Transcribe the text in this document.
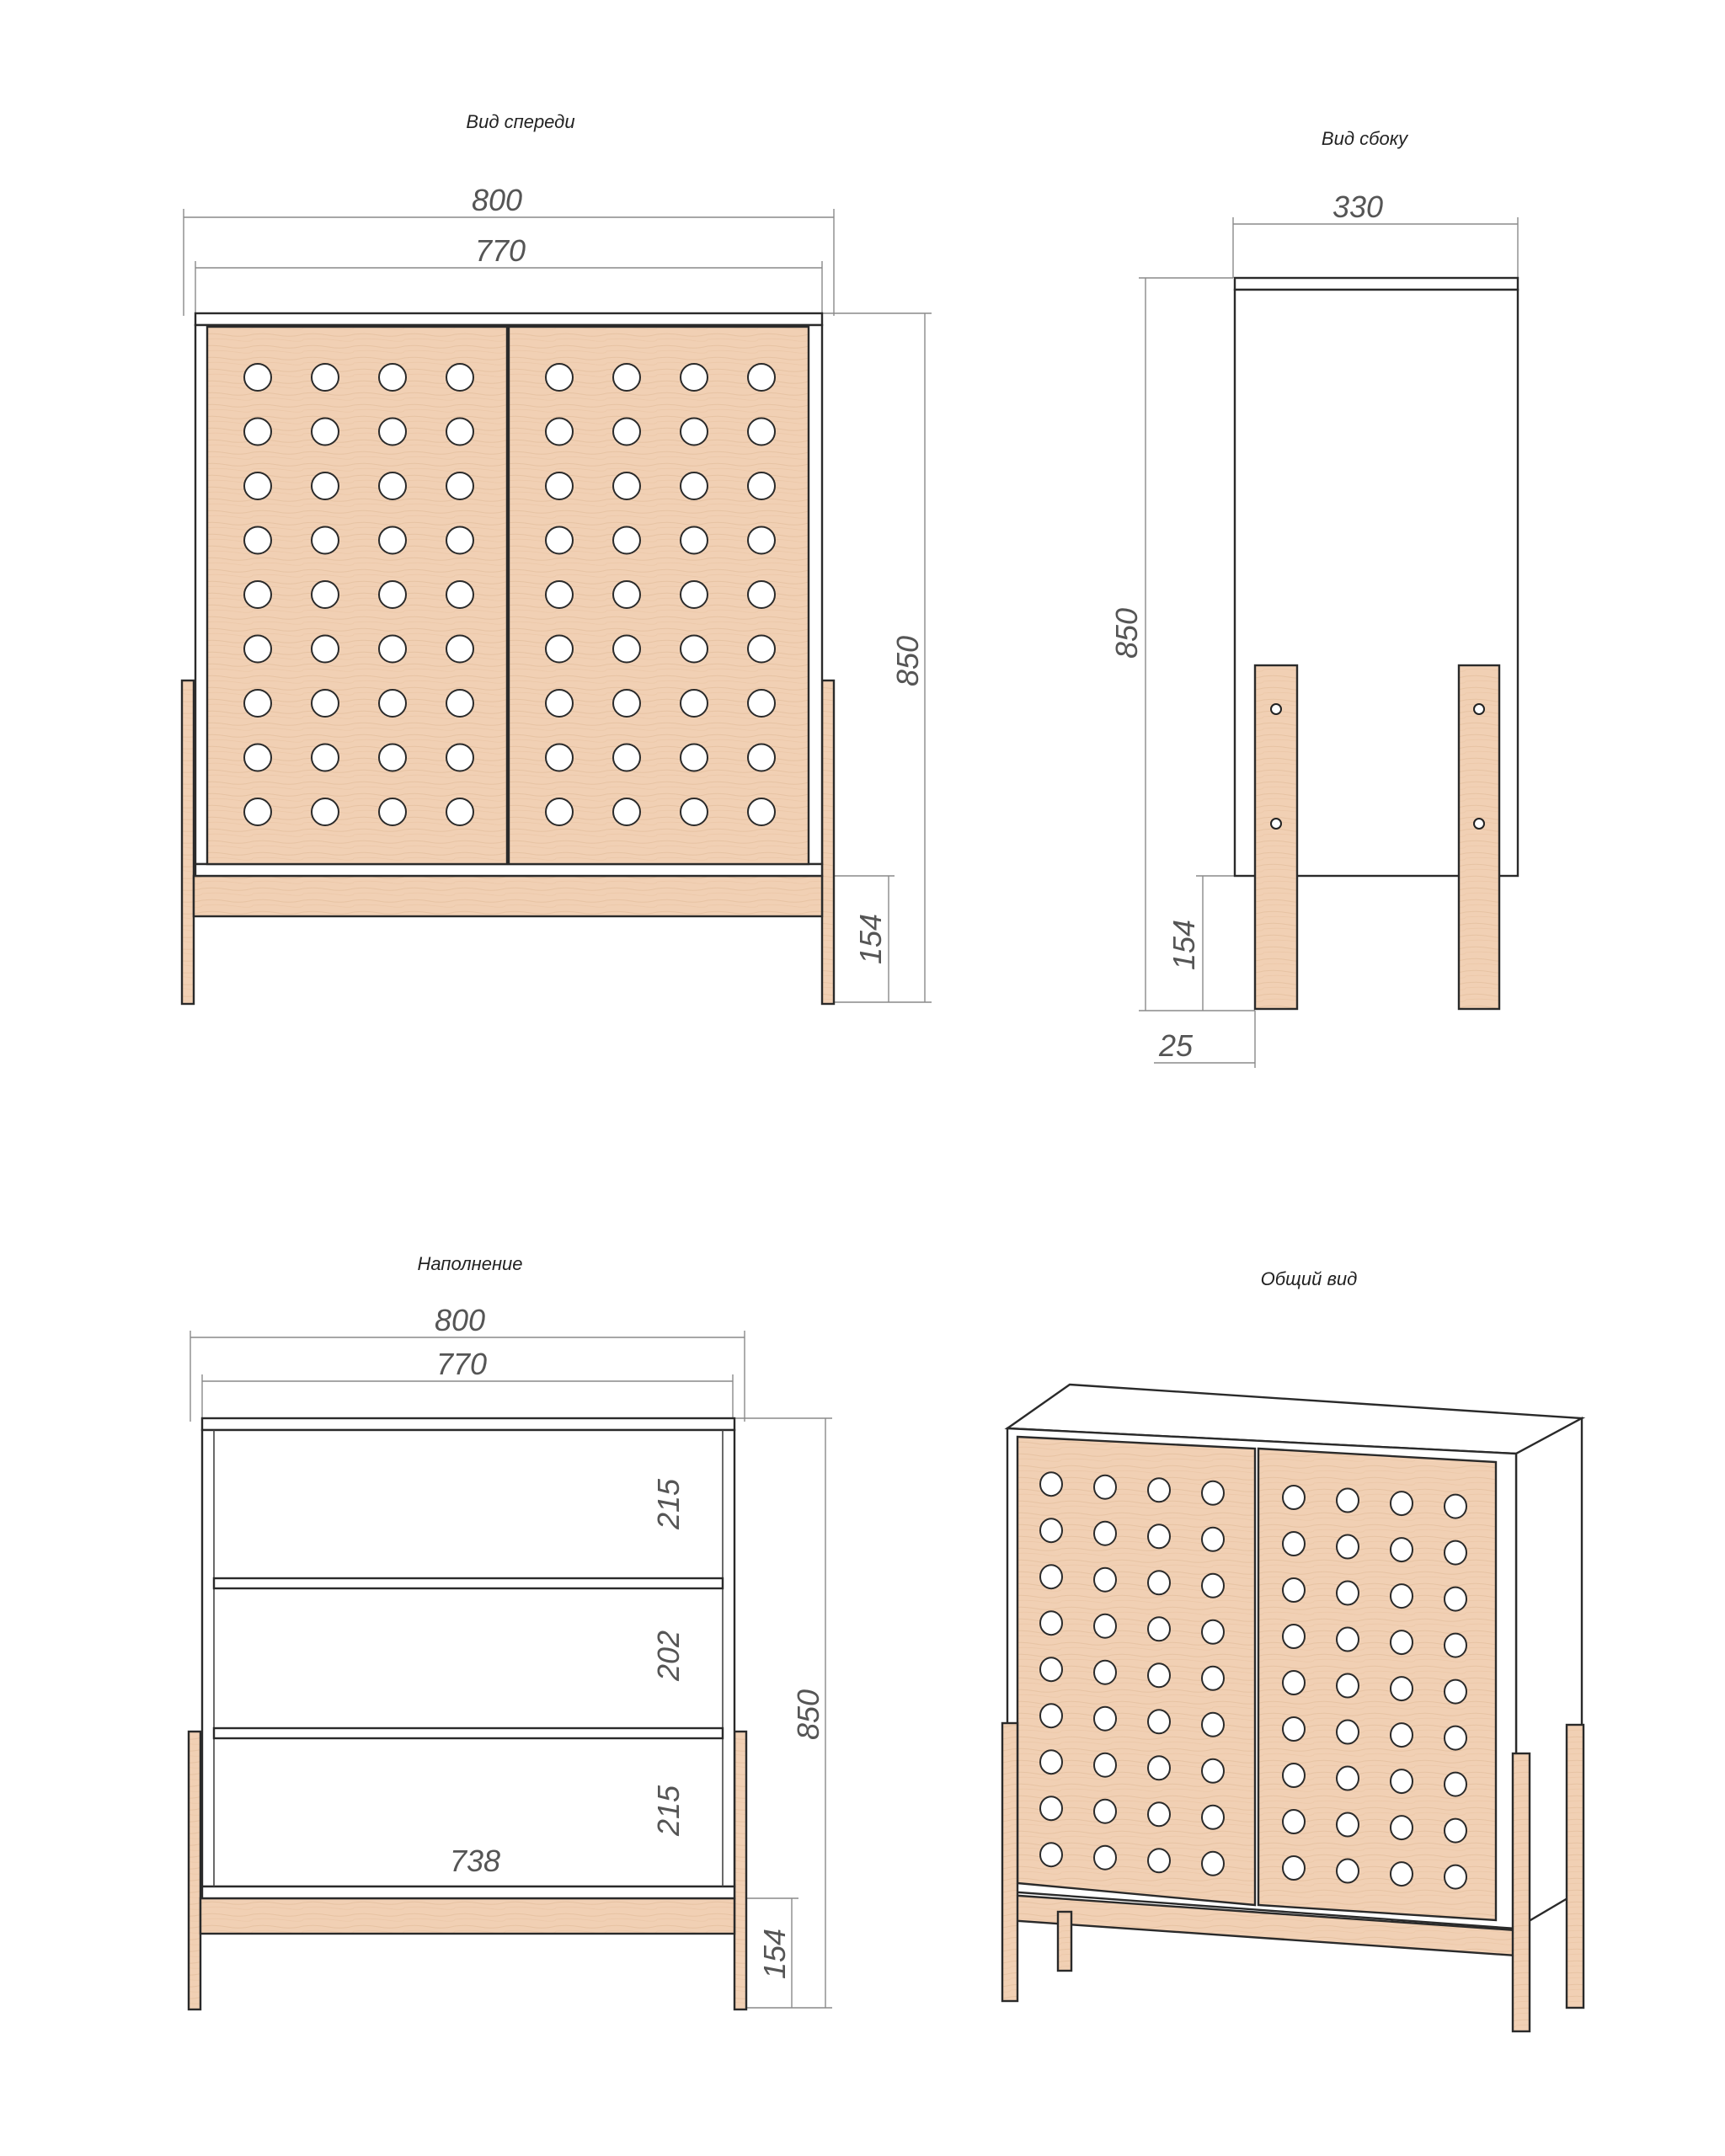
Вид спереди
800
770
850
154
Вид сбоку
330
850
154
25
Наполнение
800
770
850
154
215
202
215
738
Общий вид
